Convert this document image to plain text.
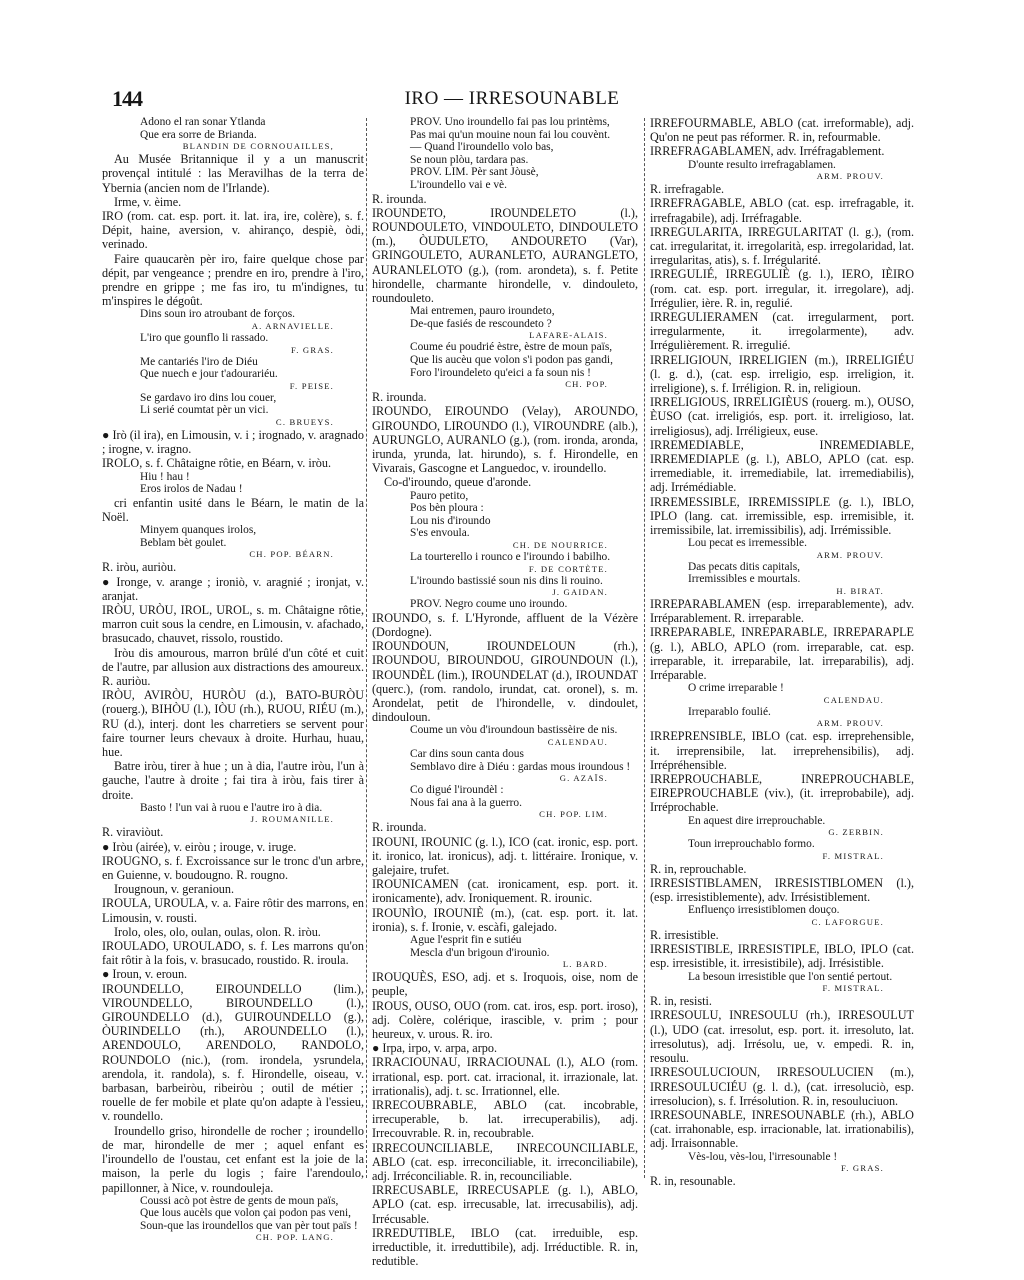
144	IRO — IRRESOUNABLE

Adono el ran sonar Ytlanda

Que era sorre de Brianda.

BLANDIN DE CORNOUAILLES,

Au Musée Britannique il y a un manuscrit provençal intitulé : las Meravilhas de la terra de Ybernia (ancien nom de l'Irlande).

Irme, v. èime.

IRO (rom. cat. esp. port. it. lat. ira, ire, colère), s. f. Dépit, haine, aversion, v. ahiranço, despiè, òdi, verinado.

Faire quaucarèn pèr iro, faire quelque chose par dépit, par vengeance ; prendre en iro, prendre à l'iro, prendre en grippe ; me fas iro, tu m'indignes, tu m'inspires le dégoût.

Dins soun iro atroubant de forços.

A. ARNAVIELLE.

L'iro que gounflo li rassado.

F. GRAS.

Me cantariés l'iro de Diéu

Que nuech e jour t'adourariéu.

F. PEISE.

Se gardavo iro dins lou couer,

Li serié coumtat pèr un vici.

C. BRUEYS.

● Irò (il ira), en Limousin, v. i ; irognado, v. aragnado ; irogne, v. iragno.

IROLO, s. f. Châtaigne rôtie, en Béarn, v. iròu.

Hiu ! hau !

Eros irolos de Nadau !

cri enfantin usité dans le Béarn, le matin de la Noël.

Minyem quanques irolos,

Beblam bèt goulet.

CH. POP. BÉARN.

R. iròu, auriòu.

● Ironge, v. arange ; ironiò, v. aragnié ; ironjat, v. aranjat.

IRÒU, URÒU, IROL, UROL, s. m. Châtaigne rôtie, marron cuit sous la cendre, en Limousin, v. afachado, brasucado, chauvet, rissolo, roustido.

Iròu dis amourous, marron brûlé d'un côté et cuit de l'autre, par allusion aux distractions des amoureux. R. auriòu.

IRÒU, AVIRÒU, HURÒU (d.), BATO-BURÒU (rouerg.), BIHÒU (l.), IÒU (rh.), RUOU, RIÉU (m.), RU (d.), interj. dont les charretiers se servent pour faire tourner leurs chevaux à droite. Hurhau, huau, hue.

Batre iròu, tirer à hue ; un à dia, l'autre iròu, l'un à gauche, l'autre à droite ; fai tira à iròu, fais tirer à droite.

Basto ! l'un vai à ruou e l'autre iro à dia.

J. ROUMANILLE.

R. viraviòut.

● Iròu (airée), v. eiròu ; irouge, v. iruge.

IROUGNO, s. f. Excroissance sur le tronc d'un arbre, en Guienne, v. boudougno. R. rougno.

Irougnoun, v. geranioun.

IROULA, UROULA, v. a. Faire rôtir des marrons, en Limousin, v. rousti.

Irolo, oles, olo, oulan, oulas, olon. R. iròu.

IROULADO, UROULADO, s. f. Les marrons qu'on fait rôtir à la fois, v. brasucado, roustido. R. iroula.

● Iroun, v. eroun.

IROUNDELLO, EIROUNDELLO (lim.), VIROUNDELLO, BIROUNDELLO (l.), GIROUNDELLO (d.), GUIROUNDELLO (g.), ÒURINDELLO (rh.), AROUNDELLO (l.), ARENDOULO, ARENDOLO, RANDOLO, ROUNDOLO (nic.), (rom. irondela, ysrundela, arendola, it. randola), s. f. Hirondelle, oiseau, v. barbasan, barbeiròu, ribeiròu ; outil de métier ; rouelle de fer mobile et plate qu'on adapte à l'essieu, v. roundello.

Iroundello griso, hirondelle de rocher ; iroundello de mar, hirondelle de mer ; aquel enfant es l'iroundello de l'oustau, cet enfant est la joie de la maison, la perle du logis ; faire l'arendoulo, papillonner, à Nice, v. roundouleja.

Coussi acò pot èstre de gents de moun païs,

Que lous aucèls que volon çai podon pas veni,

Soun-que las iroundellos que van pèr tout païs !

CH. POP. LANG.

PROV. Uno iroundello fai pas lou printèms,

Pas mai qu'un mouine noun fai lou couvènt.

— Quand l'iroundello volo bas,

Se noun plòu, tardara pas.

PROV. LIM. Pèr sant Jòusè,

L'iroundello vai e vè.

R. irounda.

IROUNDETO, IROUNDELETO (l.), ROUNDOULETO, VINDOULETO, DINDOULETO (m.), ÒUDULETO, ANDOURETO (Var), GRINGOULETO, AURANLETO, AURANGLETO, AURANLELOTO (g.), (rom. arondeta), s. f. Petite hirondelle, charmante hirondelle, v. dindouleto, roundouleto.

Mai entremen, pauro iroundeto,

De-que fasiés de rescoundeto ?

LAFARE-ALAIS.

Coume éu poudrié èstre, èstre de moun païs,

Que lis aucèu que volon s'i podon pas gandi,

Foro l'iroundeleto qu'eici a fa soun nis !

CH. POP.

R. irounda.

IROUNDO, EIROUNDO (Velay), AROUNDO, GIROUNDO, LIROUNDO (l.), VIROUNDRE (alb.), AURUNGLO, AURANLO (g.), (rom. ironda, aronda, irunda, yrunda, lat. hirundo), s. f. Hirondelle, en Vivarais, Gascogne et Languedoc, v. iroundello.

Co-d'iroundo, queue d'aronde.

Pauro petito,

Pos bèn ploura :

Lou nis d'iroundo

S'es envoula.

CH. DE NOURRICE.

La tourterello i rounco e l'iroundo i babilho.

F. DE CORTÈTE.

L'iroundo bastissié soun nis dins li rouino.

J. GAIDAN.

PROV. Negro coume uno iroundo.

IROUNDO, s. f. L'Hyronde, affluent de la Vézère (Dordogne).

IROUNDOUN, IROUNDELOUN (rh.), IROUNDOU, BIROUNDOU, GIROUNDOUN (l.), IROUNDÈL (lim.), IROUNDELAT (d.), IROUNDAT (querc.), (rom. randolo, irundat, cat. oronel), s. m. Arondelat, petit de l'hirondelle, v. dindoulet, dindouloun.

Coume un vòu d'iroundoun bastissèire de nis.

CALENDAU.

Car dins soun canta dous

Semblavo dire à Diéu : gardas mous iroundous !

G. AZAÏS.

Co digué l'iroundèl :

Nous fai ana à la guerro.

CH. POP. LIM.

R. irounda.

IROUNI, IROUNIC (g. l.), ICO (cat. ironic, esp. port. it. ironico, lat. ironicus), adj. t. littéraire. Ironique, v. galejaire, trufet.

IROUNICAMEN (cat. ironicament, esp. port. it. ironicamente), adv. Ironiquement. R. irounic.

IROUNÌO, IROUNIÈ (m.), (cat. esp. port. it. lat. ironia), s. f. Ironie, v. escàfi, galejado.

Ague l'esprit fin e sutiéu

Mescla d'un brigoun d'irounìo.

L. BARD.

IROUQUÈS, ESO, adj. et s. Iroquois, oise, nom de peuple,

IROUS, OUSO, OUO (rom. cat. iros, esp. port. iroso), adj. Colère, colérique, irascible, v. prim ; pour heureux, v. urous. R. iro.

● Irpa, irpo, v. arpa, arpo.

IRRACIOUNAU, IRRACIOUNAL (l.), ALO (rom. irrational, esp. port. cat. irracional, it. irrazionale, lat. irrationalis), adj. t. sc. Irrationnel, elle.

IRRECOUBRABLE, ABLO (cat. incobrable, irrecuperable, b. lat. irrecuperabilis), adj. Irrecouvrable. R. in, recoubrable.

IRRECOUNCILIABLE, INRECOUNCILIABLE, ABLO (cat. esp. irreconciliable, it. irreconciliabile), adj. Irréconciliable. R. in, recounciliable.

IRRECUSABLE, IRRECUSAPLE (g. l.), ABLO, APLO (cat. esp. irrecusable, lat. irrecusabilis), adj. Irrécusable.

IRREDUTIBLE, IBLO (cat. irreduible, esp. irreductible, it. irreduttibile), adj. Irréductible. R. in, redutible.

IRREFOURMABLE, ABLO (cat. irreformable), adj. Qu'on ne peut pas réformer. R. in, refourmable.

IRREFRAGABLAMEN, adv. Irréfragablement.

D'ounte resulto irrefragablamen.

ARM. PROUV.

R. irrefragable.

IRREFRAGABLE, ABLO (cat. esp. irrefragable, it. irrefragabile), adj. Irréfragable.

IRREGULARITA, IRREGULARITAT (l. g.), (rom. cat. irregularitat, it. irregolarità, esp. irregolaridad, lat. irregularitas, atis), s. f. Irrégularité.

IRREGULIÉ, IRREGULIÈ (g. l.), IERO, IÈIRO (rom. cat. esp. port. irregular, it. irregolare), adj. Irrégulier, ière. R. in, regulié.

IRREGULIERAMEN (cat. irregularment, port. irregularmente, it. irregolarmente), adv. Irrégulièrement. R. irregulié.

IRRELIGIOUN, IRRELIGIEN (m.), IRRELIGIÉU (l. g. d.), (cat. esp. irreligio, esp. irreligion, it. irreligione), s. f. Irréligion. R. in, religioun.

IRRELIGIOUS, IRRELIGIÈUS (rouerg. m.), OUSO, ÈUSO (cat. irreligiós, esp. port. it. irreligioso, lat. irreligiosus), adj. Irréligieux, euse.

IRREMEDIABLE, INREMEDIABLE, IRREMEDIAPLE (g. l.), ABLO, APLO (cat. esp. irremediable, it. irremediabile, lat. irremediabilis), adj. Irrémédiable.

IRREMESSIBLE, IRREMISSIPLE (g. l.), IBLO, IPLO (lang. cat. irremissible, esp. irremisible, it. irremissibile, lat. irremissibilis), adj. Irrémissible.

Lou pecat es irremessible.

ARM. PROUV.

Das pecats ditis capitals,

Irremissibles e mourtals.

H. BIRAT.

IRREPARABLAMEN (esp. irreparablemente), adv. Irréparablement. R. irreparable.

IRREPARABLE, INREPARABLE, IRREPARAPLE (g. l.), ABLO, APLO (rom. irreparable, cat. esp. irreparable, it. irreparabile, lat. irreparabilis), adj. Irréparable.

O crime irreparable !

CALENDAU.

Irreparablo foulié.

ARM. PROUV.

IRREPRENSIBLE, IBLO (cat. esp. irreprehensible, it. irreprensibile, lat. irreprehensibilis), adj. Irrépréhensible.

IRREPROUCHABLE, INREPROUCHABLE, EIREPROUCHABLE (viv.), (it. irreprobabile), adj. Irréprochable.

En aquest dire irreprouchable.

G. ZERBIN.

Toun irreprouchablo formo.

F. MISTRAL.

R. in, reprouchable.

IRRESISTIBLAMEN, IRRESISTIBLOMEN (l.), (esp. irresistiblemente), adv. Irrésistiblement.

Enfluenço irresistiblomen douço.

C. LAFORGUE.

R. irresistible.

IRRESISTIBLE, IRRESISTIPLE, IBLO, IPLO (cat. esp. irresistible, it. irresistibile), adj. Irrésistible.

La besoun irresistible que l'on sentié pertout.

F. MISTRAL.

R. in, resisti.

IRRESOULU, INRESOULU (rh.), IRRESOULUT (l.), UDO (cat. irresolut, esp. port. it. irresoluto, lat. irresolutus), adj. Irrésolu, ue, v. empedi. R. in, resoulu.

IRRESOULUCIOUN, IRRESOULUCIEN (m.), IRRESOULUCIÉU (g. l. d.), (cat. irresoluciò, esp. irresolucion), s. f. Irrésolution. R. in, resouluciuon.

IRRESOUNABLE, INRESOUNABLE (rh.), ABLO (cat. irrahonable, esp. irracionable, lat. irrationabilis), adj. Irraisonnable.

Vès-lou, vès-lou, l'irresounable !

F. GRAS.

R. in, resounable.
